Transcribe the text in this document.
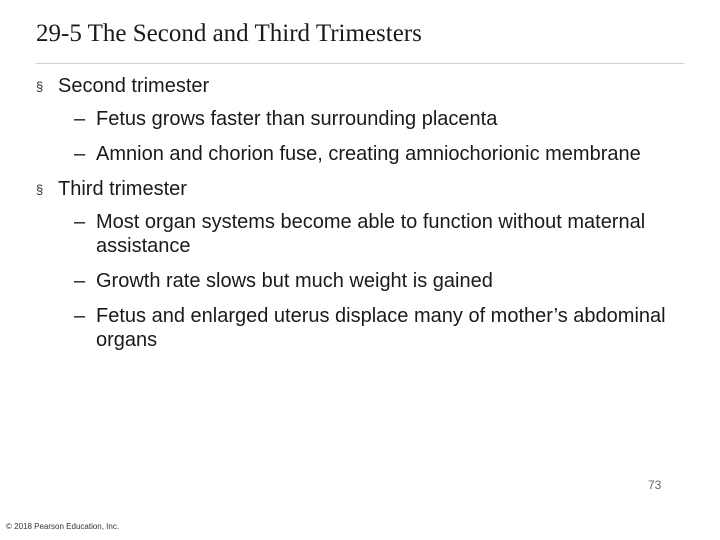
29-5 The Second and Third Trimesters
§ Second trimester
– Fetus grows faster than surrounding placenta
– Amnion and chorion fuse, creating amniochorionic membrane
§ Third trimester
– Most organ systems become able to function without maternal assistance
– Growth rate slows but much weight is gained
– Fetus and enlarged uterus displace many of mother’s abdominal organs
73
© 2018 Pearson Education, Inc.
